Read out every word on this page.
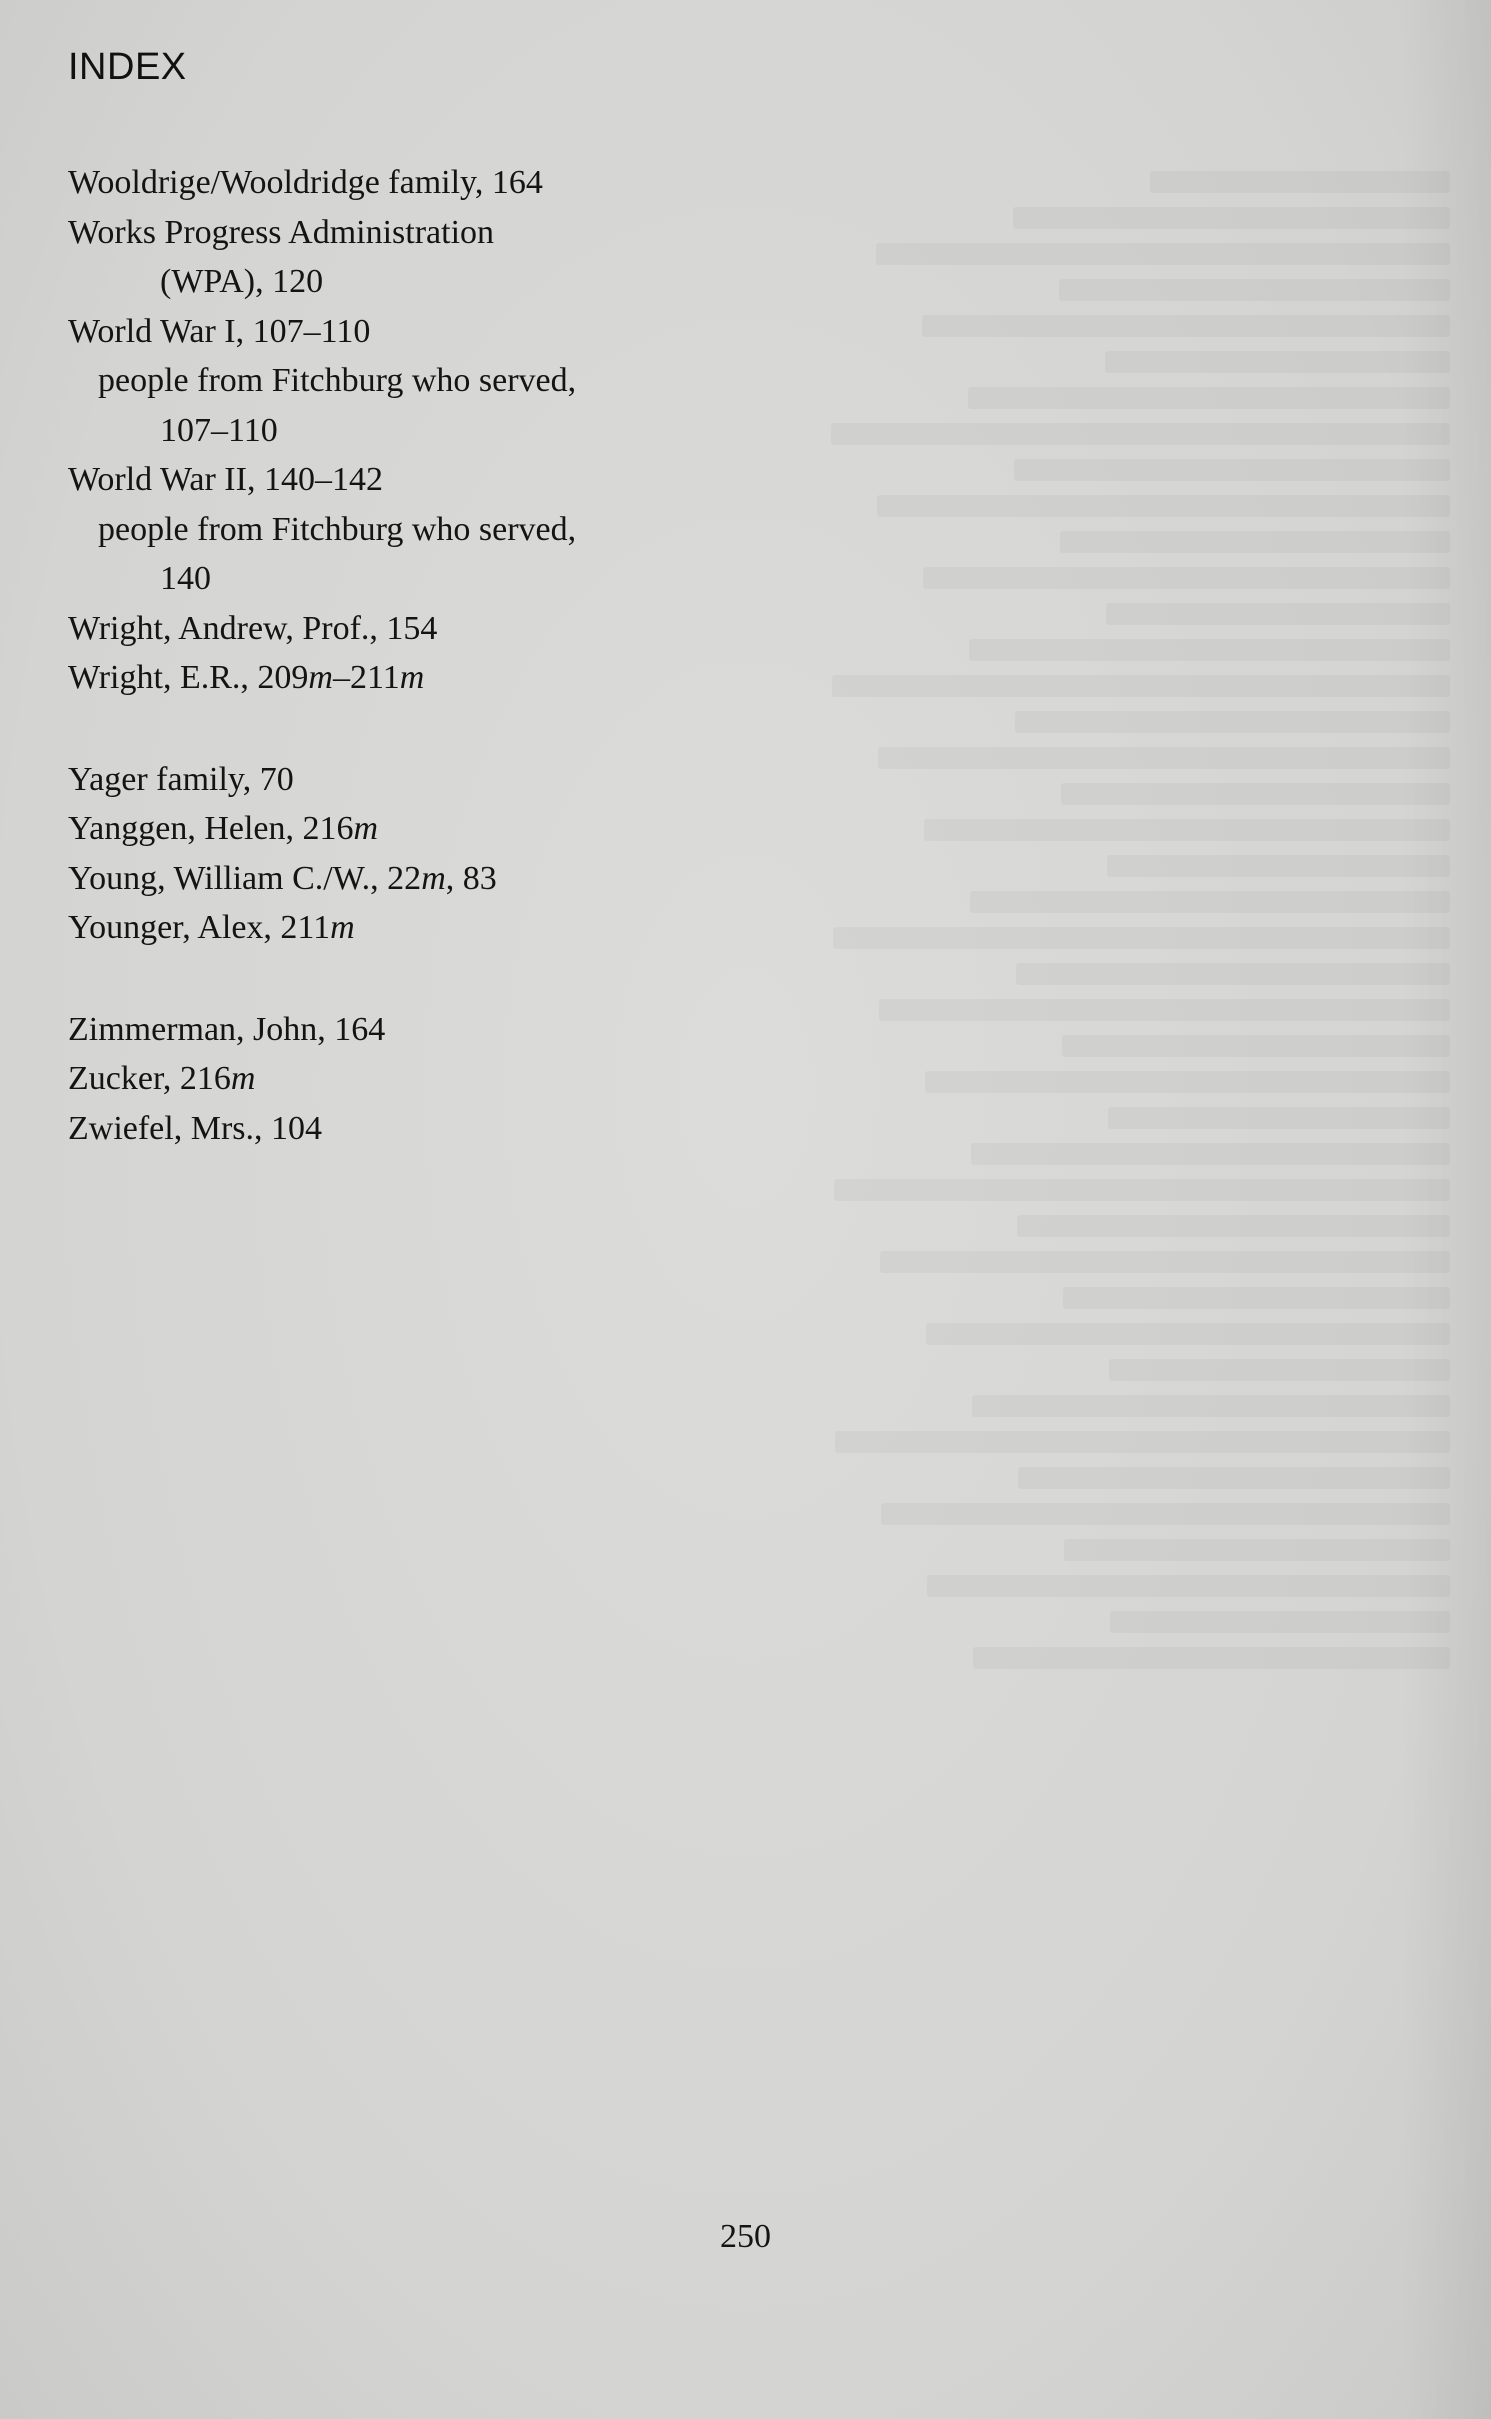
INDEX
Wooldrige/Wooldridge family, 164
Works Progress Administration
(WPA), 120
World War I, 107–110
people from Fitchburg who served,
107–110
World War II, 140–142
people from Fitchburg who served,
140
Wright, Andrew, Prof., 154
Wright, E.R., 209m–211m
Yager family, 70
Yanggen, Helen, 216m
Young, William C./W., 22m, 83
Younger, Alex, 211m
Zimmerman, John, 164
Zucker, 216m
Zwiefel, Mrs., 104
250
